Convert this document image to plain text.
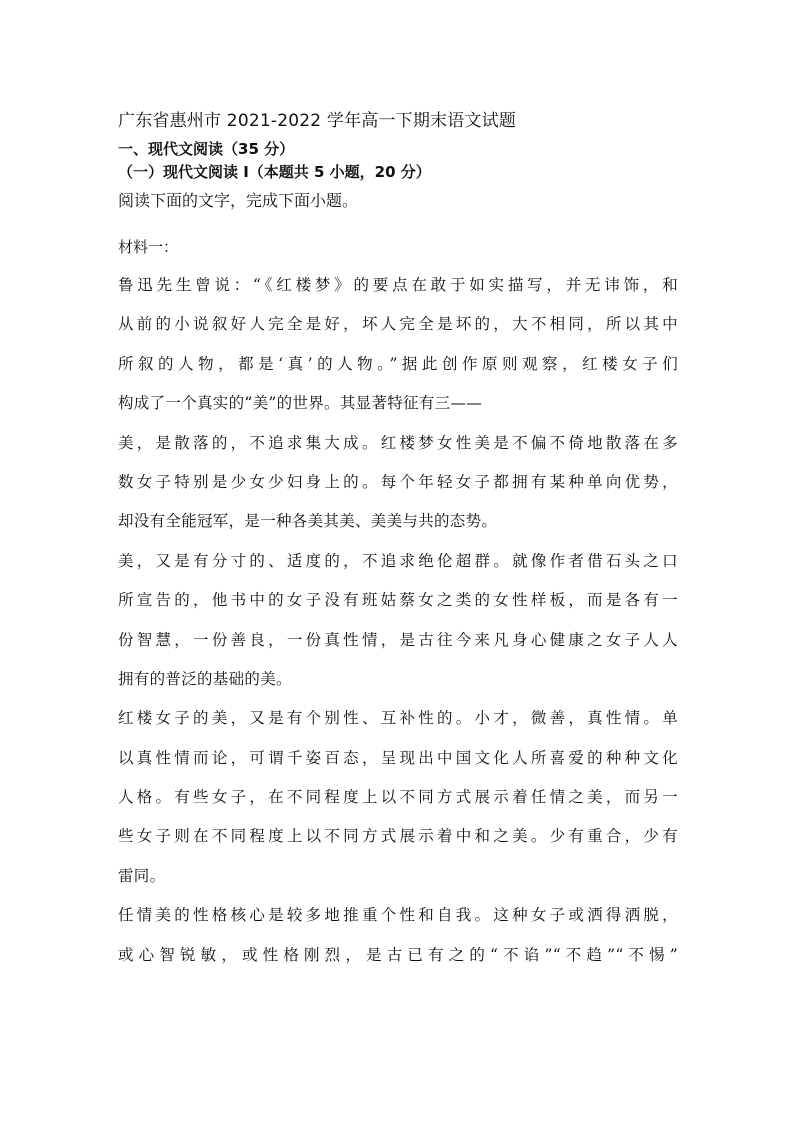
广东省惠州市 2021-2022 学年高一下期末语文试题
一、现代文阅读（35 分）
（一）现代文阅读 I（本题共 5 小题，20 分）
阅读下面的文字，完成下面小题。
材料一：
鲁迅先生曾说：“《红楼梦》的要点在敢于如实描写，并无讳饰，和
从前的小说叙好人完全是好，坏人完全是坏的，大不相同，所以其中
所叙的人物，都是‘真’的人物。”据此创作原则观察，红楼女子们
构成了一个真实的“美”的世界。其显著特征有三——
美，是散落的，不追求集大成。红楼梦女性美是不偏不倚地散落在多
数女子特别是少女少妇身上的。每个年轻女子都拥有某种单向优势，
却没有全能冠军，是一种各美其美、美美与共的态势。
美，又是有分寸的、适度的，不追求绝伦超群。就像作者借石头之口
所宣告的，他书中的女子没有班姑蔡女之类的女性样板，而是各有一
份智慧，一份善良，一份真性情，是古往今来凡身心健康之女子人人
拥有的普泛的基础的美。
红楼女子的美，又是有个别性、互补性的。小才，微善，真性情。单
以真性情而论，可谓千姿百态，呈现出中国文化人所喜爱的种种文化
人格。有些女子，在不同程度上以不同方式展示着任情之美，而另一
些女子则在不同程度上以不同方式展示着中和之美。少有重合，少有
雷同。
任情美的性格核心是较多地推重个性和自我。这种女子或洒得洒脱，
或心智锐敏，或性格刚烈，是古已有之的“不谄”“不趋”“不惕”
